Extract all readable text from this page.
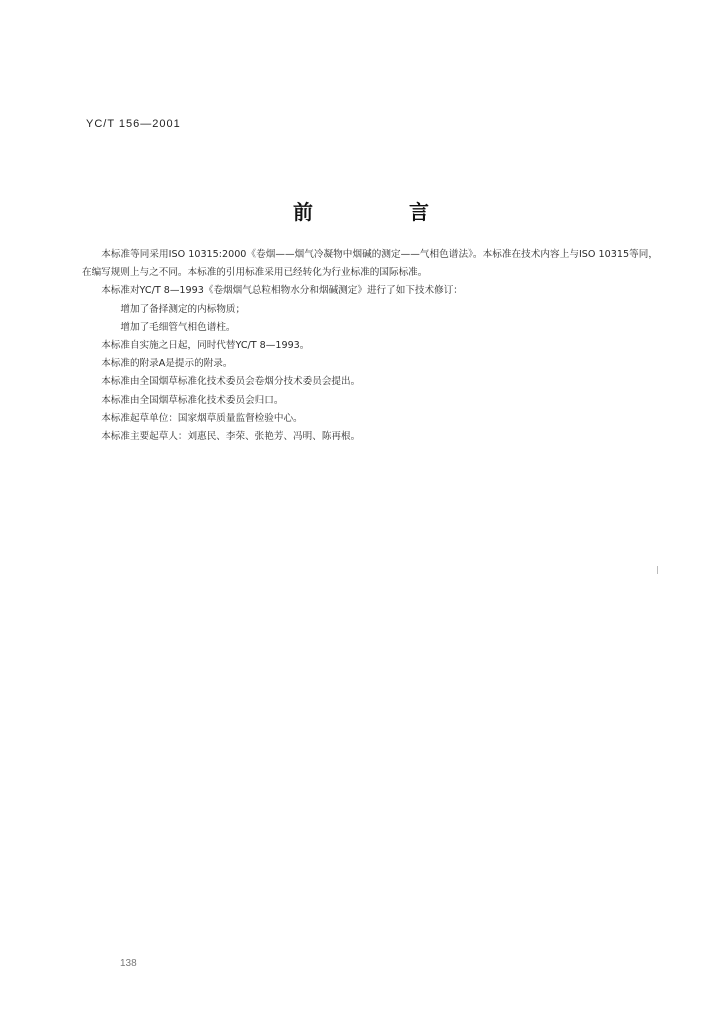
YC/T 156—2001
前　言

本标准等同采用ISO 10315:2000《卷烟——烟气冷凝物中烟碱的测定——气相色谱法》。本标准在技术内容上与ISO 10315等同，在编写规则上与之不同。本标准的引用标准采用已经转化为行业标准的国际标准。

本标准对YC/T 8—1993《卷烟烟气总粒相物水分和烟碱测定》进行了如下技术修订：

增加了备择测定的内标物质；

增加了毛细管气相色谱柱。

本标准自实施之日起，同时代替YC/T 8—1993。

本标准的附录A是提示的附录。

本标准由全国烟草标准化技术委员会卷烟分技术委员会提出。

本标准由全国烟草标准化技术委员会归口。

本标准起草单位：国家烟草质量监督检验中心。

本标准主要起草人：刘惠民、李荣、张艳芳、冯明、陈再根。

138
